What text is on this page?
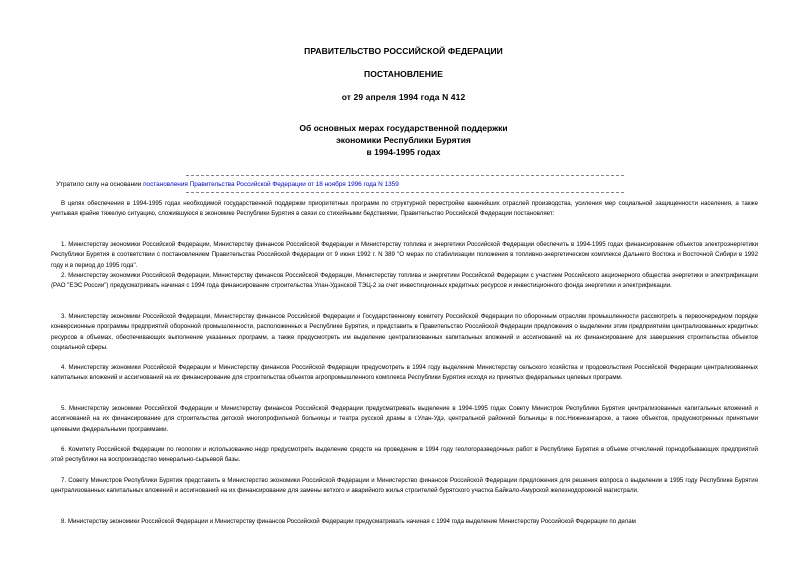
ПРАВИТЕЛЬСТВО РОССИЙСКОЙ ФЕДЕРАЦИИ
ПОСТАНОВЛЕНИЕ
от 29 апреля 1994 года N 412
Об основных мерах государственной поддержки
экономики Республики Бурятия
в 1994-1995 годах
Утратило силу на основании постановления Правительства Российской Федерации от 18 ноября 1996 года N 1359

В целях обеспечения в 1994-1995 годах необходимой государственной поддержки приоритетных программ по структурной перестройке важнейших отраслей производства, усиления мер социальной защищенности населения, а также учитывая крайне тяжелую ситуацию, сложившуюся в экономике Республики Бурятия в связи со стихийными бедствиями, Правительство Российской Федерации постановляет:

1. Министерству экономики Российской Федерации, Министерству финансов Российской Федерации и Министерству топлива и энергетики Российской Федерации обеспечить в 1994-1995 годах финансирование объектов электроэнергетики Республики Бурятия в соответствии с постановлением Правительства Российской Федерации от 9 июня 1992 г. N 389 "О мерах по стабилизации положения в топливно-энергетическом комплексе Дальнего Востока и Восточной Сибири в 1992 году и в период до 1995 года".

2. Министерству экономики Российской Федерации, Министерству финансов Российской Федерации, Министерству топлива и энергетики Российской Федерации с участием Российского акционерного общества энергетики и электрификации (РАО "ЕЭС России") предусматривать начиная с 1994 года финансирование строительства Улан-Удэнской ТЭЦ-2 за счет инвестиционных кредитных ресурсов и инвестиционного фонда энергетики и электрификации.

3. Министерству экономики Российской Федерации, Министерству финансов Российской Федерации и Государственному комитету Российской Федерации по оборонным отраслям промышленности рассмотреть в первоочередном порядке конверсионные программы предприятий оборонной промышленности, расположенных в Республике Бурятия, и представить в Правительство Российской Федерации предложения о выделении этим предприятиям централизованных кредитных ресурсов в объемах, обеспечивающих выполнение указанных программ, а также предусмотреть им выделение централизованных капитальных вложений и ассигнований на их финансирование для завершения строительства объектов социальной сферы.

4. Министерству экономики Российской Федерации и Министерству финансов Российской Федерации предусмотреть в 1994 году выделение Министерству сельского хозяйства и продовольствия Российской Федерации централизованных капитальных вложений и ассигнований на их финансирование для строительства объектов агропромышленного комплекса Республики Бурятия исходя из принятых федеральных целевых программ.

5. Министерству экономики Российской Федерации и Министерству финансов Российской Федерации предусматривать выделение в 1994-1995 годах Совету Министров Республики Бурятия централизованных капитальных вложений и ассигнований на их финансирование для строительства детской многопрофильной больницы и театра русской драмы в г.Улан-Удэ, центральной районной больницы в пос.Нижнеангарске, а также объектов, предусмотренных принятыми целевыми федеральными программами.

6. Комитету Российской Федерации по геологии и использованию недр предусмотреть выделение средств на проведение в 1994 году геологоразведочных работ в Республике Бурятия в объеме отчислений горнодобывающих предприятий этой республики на воспроизводство минерально-сырьевой базы.

7. Совету Министров Республики Бурятия представить в Министерство экономики Российской Федерации и Министерство финансов Российской Федерации предложения для решения вопроса о выделении в 1995 году Республике Бурятия централизованных капитальных вложений и ассигнований на их финансирование для замены ветхого и аварийного жилья строителей бурятского участка Байкало-Амурской железнодорожной магистрали.

8. Министерству экономики Российской Федерации и Министерству финансов Российской Федерации предусматривать начиная с 1994 года выделение Министерству Российской Федерации по делам
